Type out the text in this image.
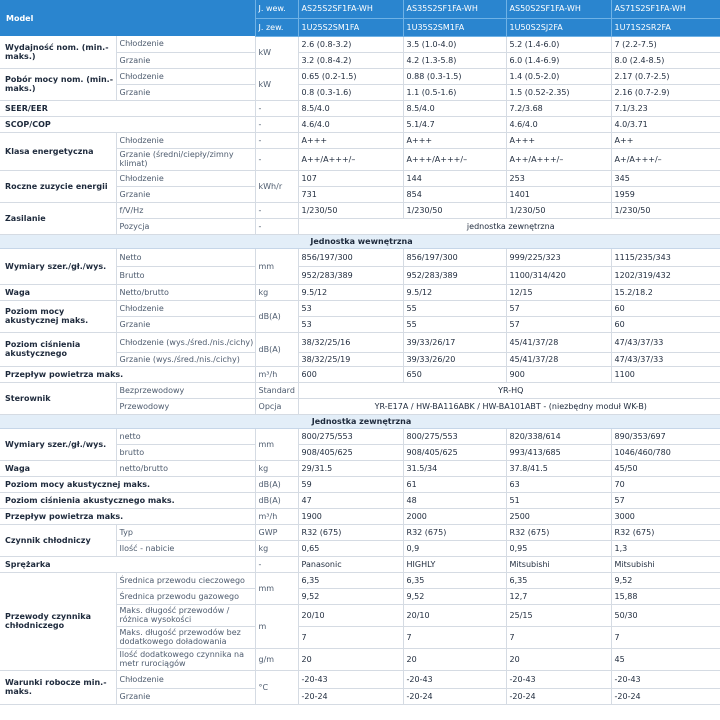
Model		J. wew.	AS25S2SF1FA-WH	AS35S2SF1FA-WH	AS50S2SF1FA-WH	AS71S2SF1FA-WH
		J. zew.	1U25S2SM1FA	1U35S2SM1FA	1U50S2SJ2FA	1U71S2SR2FA
Wydajność nom. (min.-maks.)	Chłodzenie	kW	2.6 (0.8-3.2)	3.5 (1.0-4.0)	5.2 (1.4-6.0)	7 (2.2-7.5)
	Grzanie		3.2 (0.8-4.2)	4.2 (1.3-5.8)	6.0 (1.4-6.9)	8.0 (2.4-8.5)
Pobór mocy nom. (min.-maks.)	Chłodzenie	kW	0.65 (0.2-1.5)	0.88 (0.3-1.5)	1.4 (0.5-2.0)	2.17 (0.7-2.5)
	Grzanie		0.8 (0.3-1.6)	1.1 (0.5-1.6)	1.5 (0.52-2.35)	2.16 (0.7-2.9)
SEER/EER		-	8.5/4.0	8.5/4.0	7.2/3.68	7.1/3.23
SCOP/COP		-	4.6/4.0	5.1/4.7	4.6/4.0	4.0/3.71
Klasa energetyczna	Chłodzenie	-	A+++	A+++	A+++	A++
	Grzanie (średni/ciepły/zimny klimat)	-	A++/A+++/–	A+++/A+++/–	A++/A+++/–	A+/A+++/–
Roczne zuzycie energii	Chłodzenie	kWh/r	107	144	253	345
	Grzanie		731	854	1401	1959
Zasilanie	f/V/Hz	-	1/230/50	1/230/50	1/230/50	1/230/50
	Pozycja	-	jednostka zewnętrzna			
Jednostka wewnętrzna						
Wymiary szer./gł./wys.	Netto	mm	856/197/300	856/197/300	999/225/323	1115/235/343
	Brutto		952/283/389	952/283/389	1100/314/420	1202/319/432
Waga	Netto/brutto	kg	9.5/12	9.5/12	12/15	15.2/18.2
Poziom mocy akustycznej maks.	Chłodzenie	dB(A)	53	55	57	60
	Grzanie		53	55	57	60
Poziom ciśnienia akustycznego	Chłodzenie (wys./śred./nis./cichy)	dB(A)	38/32/25/16	39/33/26/17	45/41/37/28	47/43/37/33
	Grzanie (wys./śred./nis./cichy)		38/32/25/19	39/33/26/20	45/41/37/28	47/43/37/33
Przepływ powietrza maks.		m³/h	600	650	900	1100
Sterownik	Bezprzewodowy	Standard	YR-HQ			
	Przewodowy	Opcja	YR-E17A / HW-BA116ABK / HW-BA101ABT - (niezbędny moduł WK-B)			
Jednostka zewnętrzna						
Wymiary szer./gł./wys.	netto	mm	800/275/553	800/275/553	820/338/614	890/353/697
	brutto		908/405/625	908/405/625	993/413/685	1046/460/780
Waga	netto/brutto	kg	29/31.5	31.5/34	37.8/41.5	45/50
Poziom mocy akustycznej maks.		dB(A)	59	61	63	70
Poziom ciśnienia akustycznego maks.		dB(A)	47	48	51	57
Przepływ powietrza maks.		m³/h	1900	2000	2500	3000
Czynnik chłodniczy	Typ	GWP	R32 (675)	R32 (675)	R32 (675)	R32 (675)
	Ilość - nabicie	kg	0,65	0,9	0,95	1,3
Sprężarka		-	Panasonic	HIGHLY	Mitsubishi	Mitsubishi
Przewody czynnika chłodniczego	Średnica przewodu cieczowego	mm	6,35	6,35	6,35	9,52
	Średnica przewodu gazowego		9,52	9,52	12,7	15,88
	Maks. długość przewodów / różnica wysokości	m	20/10	20/10	25/15	50/30
	Maks. długość przewodów bez dodatkowego doładowania		7	7	7	7
	Ilość dodatkowego czynnika na metr rurociągów	g/m	20	20	20	45
Warunki robocze min.-maks.	Chłodzenie	°C	-20-43	-20-43	-20-43	-20-43
	Grzanie		-20-24	-20-24	-20-24	-20-24
